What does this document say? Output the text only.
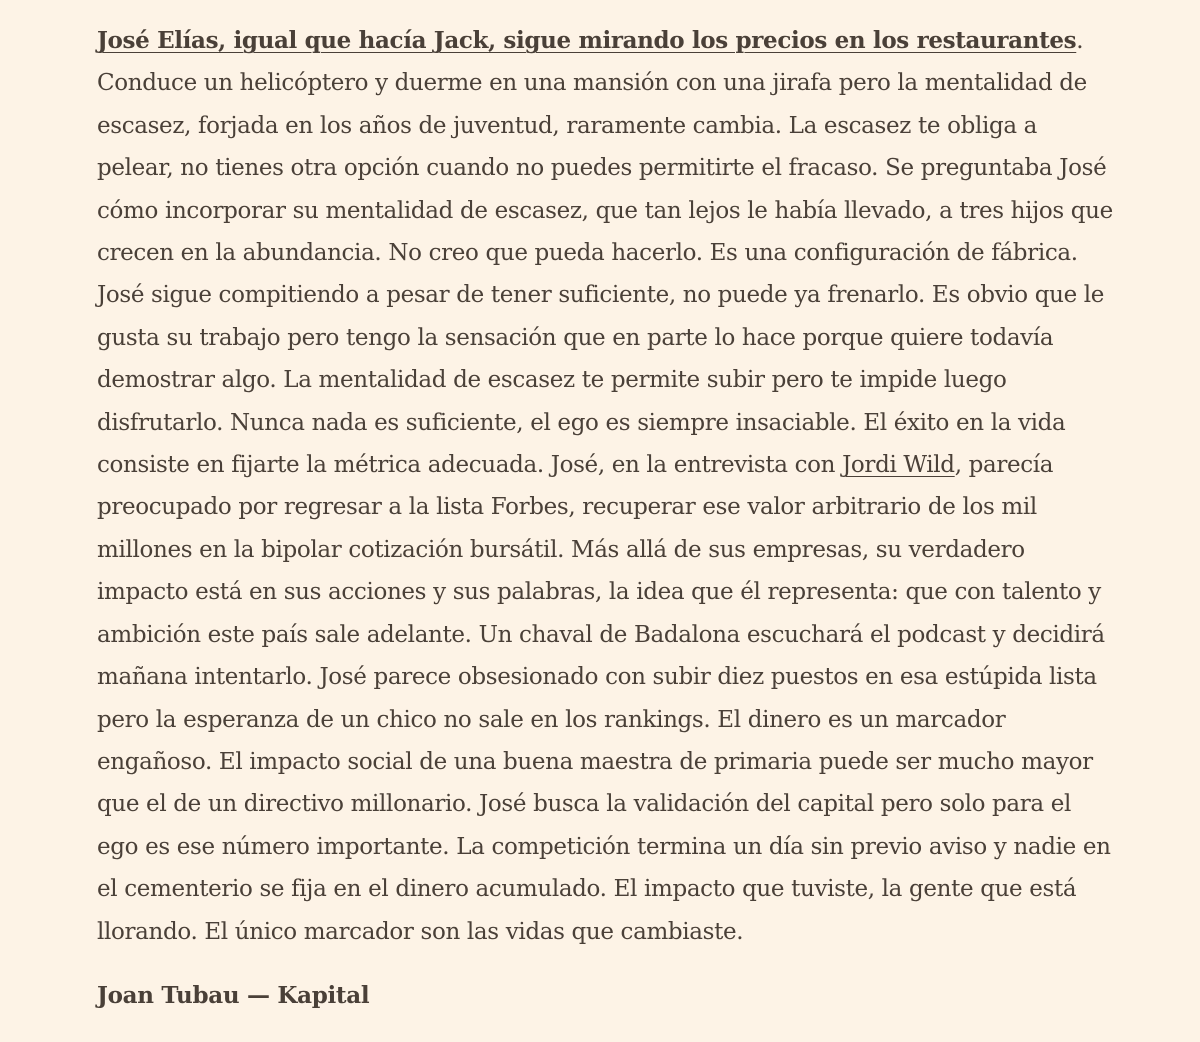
José Elías, igual que hacía Jack, sigue mirando los precios en los restaurantes. Conduce un helicóptero y duerme en una mansión con una jirafa pero la mentalidad de escasez, forjada en los años de juventud, raramente cambia. La escasez te obliga a pelear, no tienes otra opción cuando no puedes permitirte el fracaso. Se preguntaba José cómo incorporar su mentalidad de escasez, que tan lejos le había llevado, a tres hijos que crecen en la abundancia. No creo que pueda hacerlo. Es una configuración de fábrica. José sigue compitiendo a pesar de tener suficiente, no puede ya frenarlo. Es obvio que le gusta su trabajo pero tengo la sensación que en parte lo hace porque quiere todavía demostrar algo. La mentalidad de escasez te permite subir pero te impide luego disfrutarlo. Nunca nada es suficiente, el ego es siempre insaciable. El éxito en la vida consiste en fijarte la métrica adecuada. José, en la entrevista con Jordi Wild, parecía preocupado por regresar a la lista Forbes, recuperar ese valor arbitrario de los mil millones en la bipolar cotización bursátil. Más allá de sus empresas, su verdadero impacto está en sus acciones y sus palabras, la idea que él representa: que con talento y ambición este país sale adelante. Un chaval de Badalona escuchará el podcast y decidirá mañana intentarlo. José parece obsesionado con subir diez puestos en esa estúpida lista pero la esperanza de un chico no sale en los rankings. El dinero es un marcador engañoso. El impacto social de una buena maestra de primaria puede ser mucho mayor que el de un directivo millonario. José busca la validación del capital pero solo para el ego es ese número importante. La competición termina un día sin previo aviso y nadie en el cementerio se fija en el dinero acumulado. El impacto que tuviste, la gente que está llorando. El único marcador son las vidas que cambiaste.

Joan Tubau — Kapital
